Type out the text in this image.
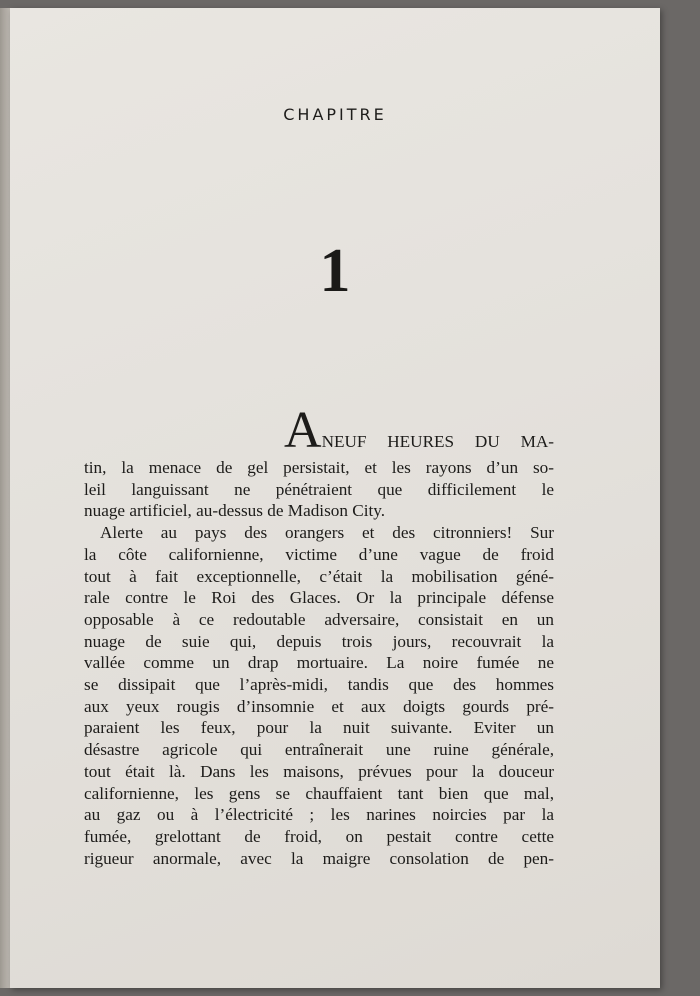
CHAPITRE
1
ANEUF HEURES DU MA-
tin, la menace de gel persistait, et les rayons d’un so-
leil languissant ne pénétraient que difficilement le
nuage artificiel, au-dessus de Madison City.
Alerte au pays des orangers et des citronniers! Sur
la côte californienne, victime d’une vague de froid
tout à fait exceptionnelle, c’était la mobilisation géné-
rale contre le Roi des Glaces. Or la principale défense
opposable à ce redoutable adversaire, consistait en un
nuage de suie qui, depuis trois jours, recouvrait la
vallée comme un drap mortuaire. La noire fumée ne
se dissipait que l’après-midi, tandis que des hommes
aux yeux rougis d’insomnie et aux doigts gourds pré-
paraient les feux, pour la nuit suivante. Eviter un
désastre agricole qui entraînerait une ruine générale,
tout était là. Dans les maisons, prévues pour la douceur
californienne, les gens se chauffaient tant bien que mal,
au gaz ou à l’électricité ; les narines noircies par la
fumée, grelottant de froid, on pestait contre cette
rigueur anormale, avec la maigre consolation de pen-
